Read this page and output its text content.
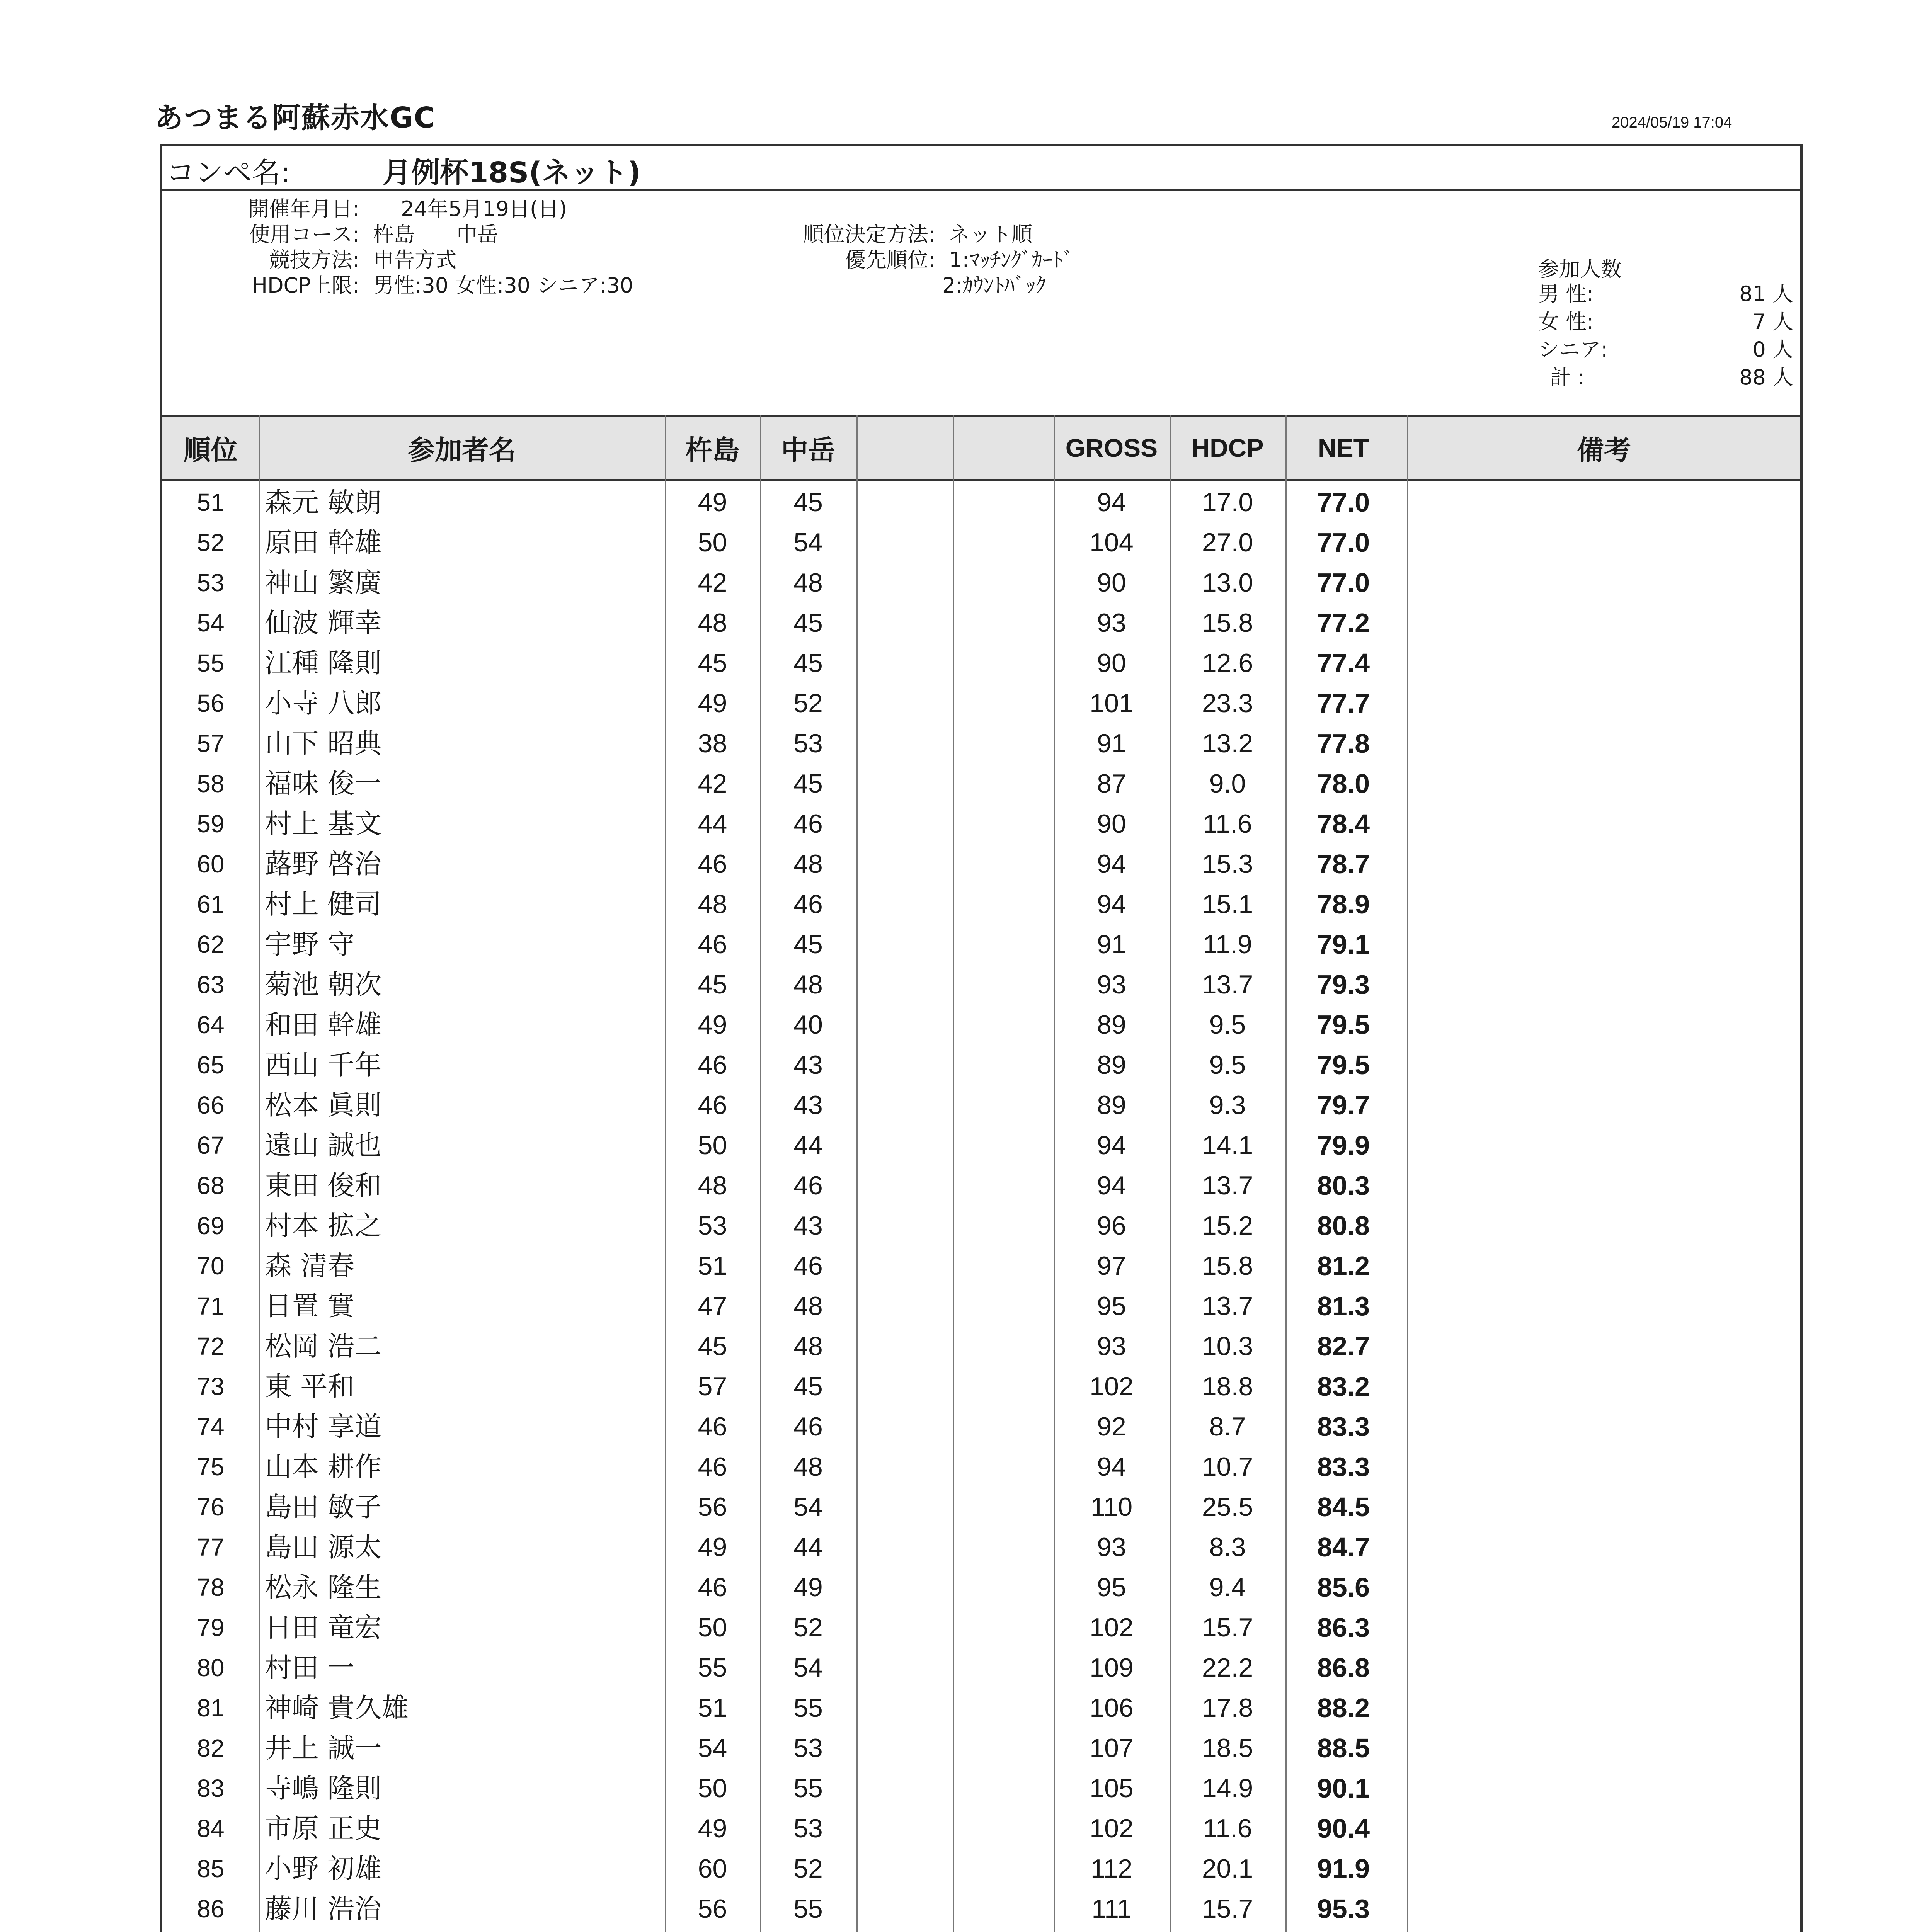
あつまる阿蘇赤水GC	2024/05/19 17:04
コンペ名:	月例杯18S(ネット)
開催年月日: 24年5月19日(日)
使用コース: 杵島　　中岳
競技方法: 申告方式
HDCP上限: 男性:30 女性:30 シニア:30
順位決定方法: ネット順
優先順位: 1:ﾏｯﾁﾝｸﾞｶｰﾄﾞ
2:ｶｳﾝﾄﾊﾞｯｸ
参加人数
男 性:	81 人
女 性:	7 人
シニア:	0 人
計 :	88 人
順位	参加者名	杵島	中岳	GROSS	HDCP	NET	備考
51	森元 敏朗	49	45	94	17.0	77.0
52	原田 幹雄	50	54	104	27.0	77.0
53	神山 繁廣	42	48	90	13.0	77.0
54	仙波 輝幸	48	45	93	15.8	77.2
55	江種 隆則	45	45	90	12.6	77.4
56	小寺 八郎	49	52	101	23.3	77.7
57	山下 昭典	38	53	91	13.2	77.8
58	福味 俊一	42	45	87	9.0	78.0
59	村上 基文	44	46	90	11.6	78.4
60	蕗野 啓治	46	48	94	15.3	78.7
61	村上 健司	48	46	94	15.1	78.9
62	宇野 守	46	45	91	11.9	79.1
63	菊池 朝次	45	48	93	13.7	79.3
64	和田 幹雄	49	40	89	9.5	79.5
65	西山 千年	46	43	89	9.5	79.5
66	松本 眞則	46	43	89	9.3	79.7
67	遠山 誠也	50	44	94	14.1	79.9
68	東田 俊和	48	46	94	13.7	80.3
69	村本 拡之	53	43	96	15.2	80.8
70	森 清春	51	46	97	15.8	81.2
71	日置 實	47	48	95	13.7	81.3
72	松岡 浩二	45	48	93	10.3	82.7
73	東 平和	57	45	102	18.8	83.2
74	中村 享道	46	46	92	8.7	83.3
75	山本 耕作	46	48	94	10.7	83.3
76	島田 敏子	56	54	110	25.5	84.5
77	島田 源太	49	44	93	8.3	84.7
78	松永 隆生	46	49	95	9.4	85.6
79	日田 竜宏	50	52	102	15.7	86.3
80	村田 一	55	54	109	22.2	86.8
81	神崎 貴久雄	51	55	106	17.8	88.2
82	井上 誠一	54	53	107	18.5	88.5
83	寺嶋 隆則	50	55	105	14.9	90.1
84	市原 正史	49	53	102	11.6	90.4
85	小野 初雄	60	52	112	20.1	91.9
86	藤川 浩治	56	55	111	15.7	95.3
